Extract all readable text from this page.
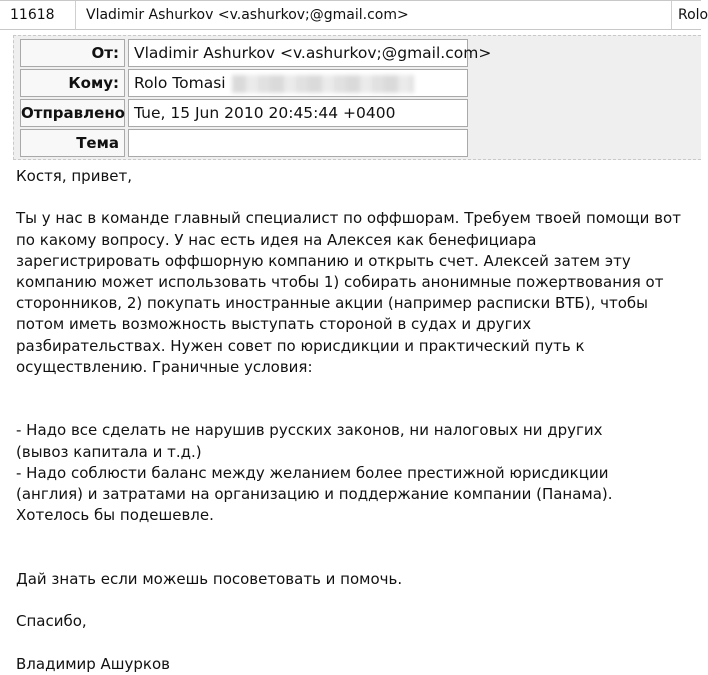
11618	Vladimir Ashurkov <v.ashurkov;@gmail.com>	Rolo
От: Vladimir Ashurkov <v.ashurkov;@gmail.com>
Кому: Rolo Tomasi
Отправлено Tue, 15 Jun 2010 20:45:44 +0400
Тема

Костя, привет,

Ты у нас в команде главный специалист по оффшорам. Требуем твоей помощи вот

по какому вопросу. У нас есть идея на Алексея как бенефициара

зарегистрировать оффшорную компанию и открыть счет. Алексей затем эту

компанию может использовать чтобы 1) собирать анонимные пожертвования от

сторонников, 2) покупать иностранные акции (например расписки ВТБ), чтобы

потом иметь возможность выступать стороной в судах и других

разбирательствах. Нужен совет по юрисдикции и практический путь к

осуществлению. Граничные условия:

- Надо все сделать не нарушив русских законов, ни налоговых ни других

(вывоз капитала и т.д.)

- Надо соблюсти баланс между желанием более престижной юрисдикции

(англия) и затратами на организацию и поддержание компании (Панама).

Хотелось бы подешевле.

Дай знать если можешь посоветовать и помочь.

Спасибо,

Владимир Ашурков
